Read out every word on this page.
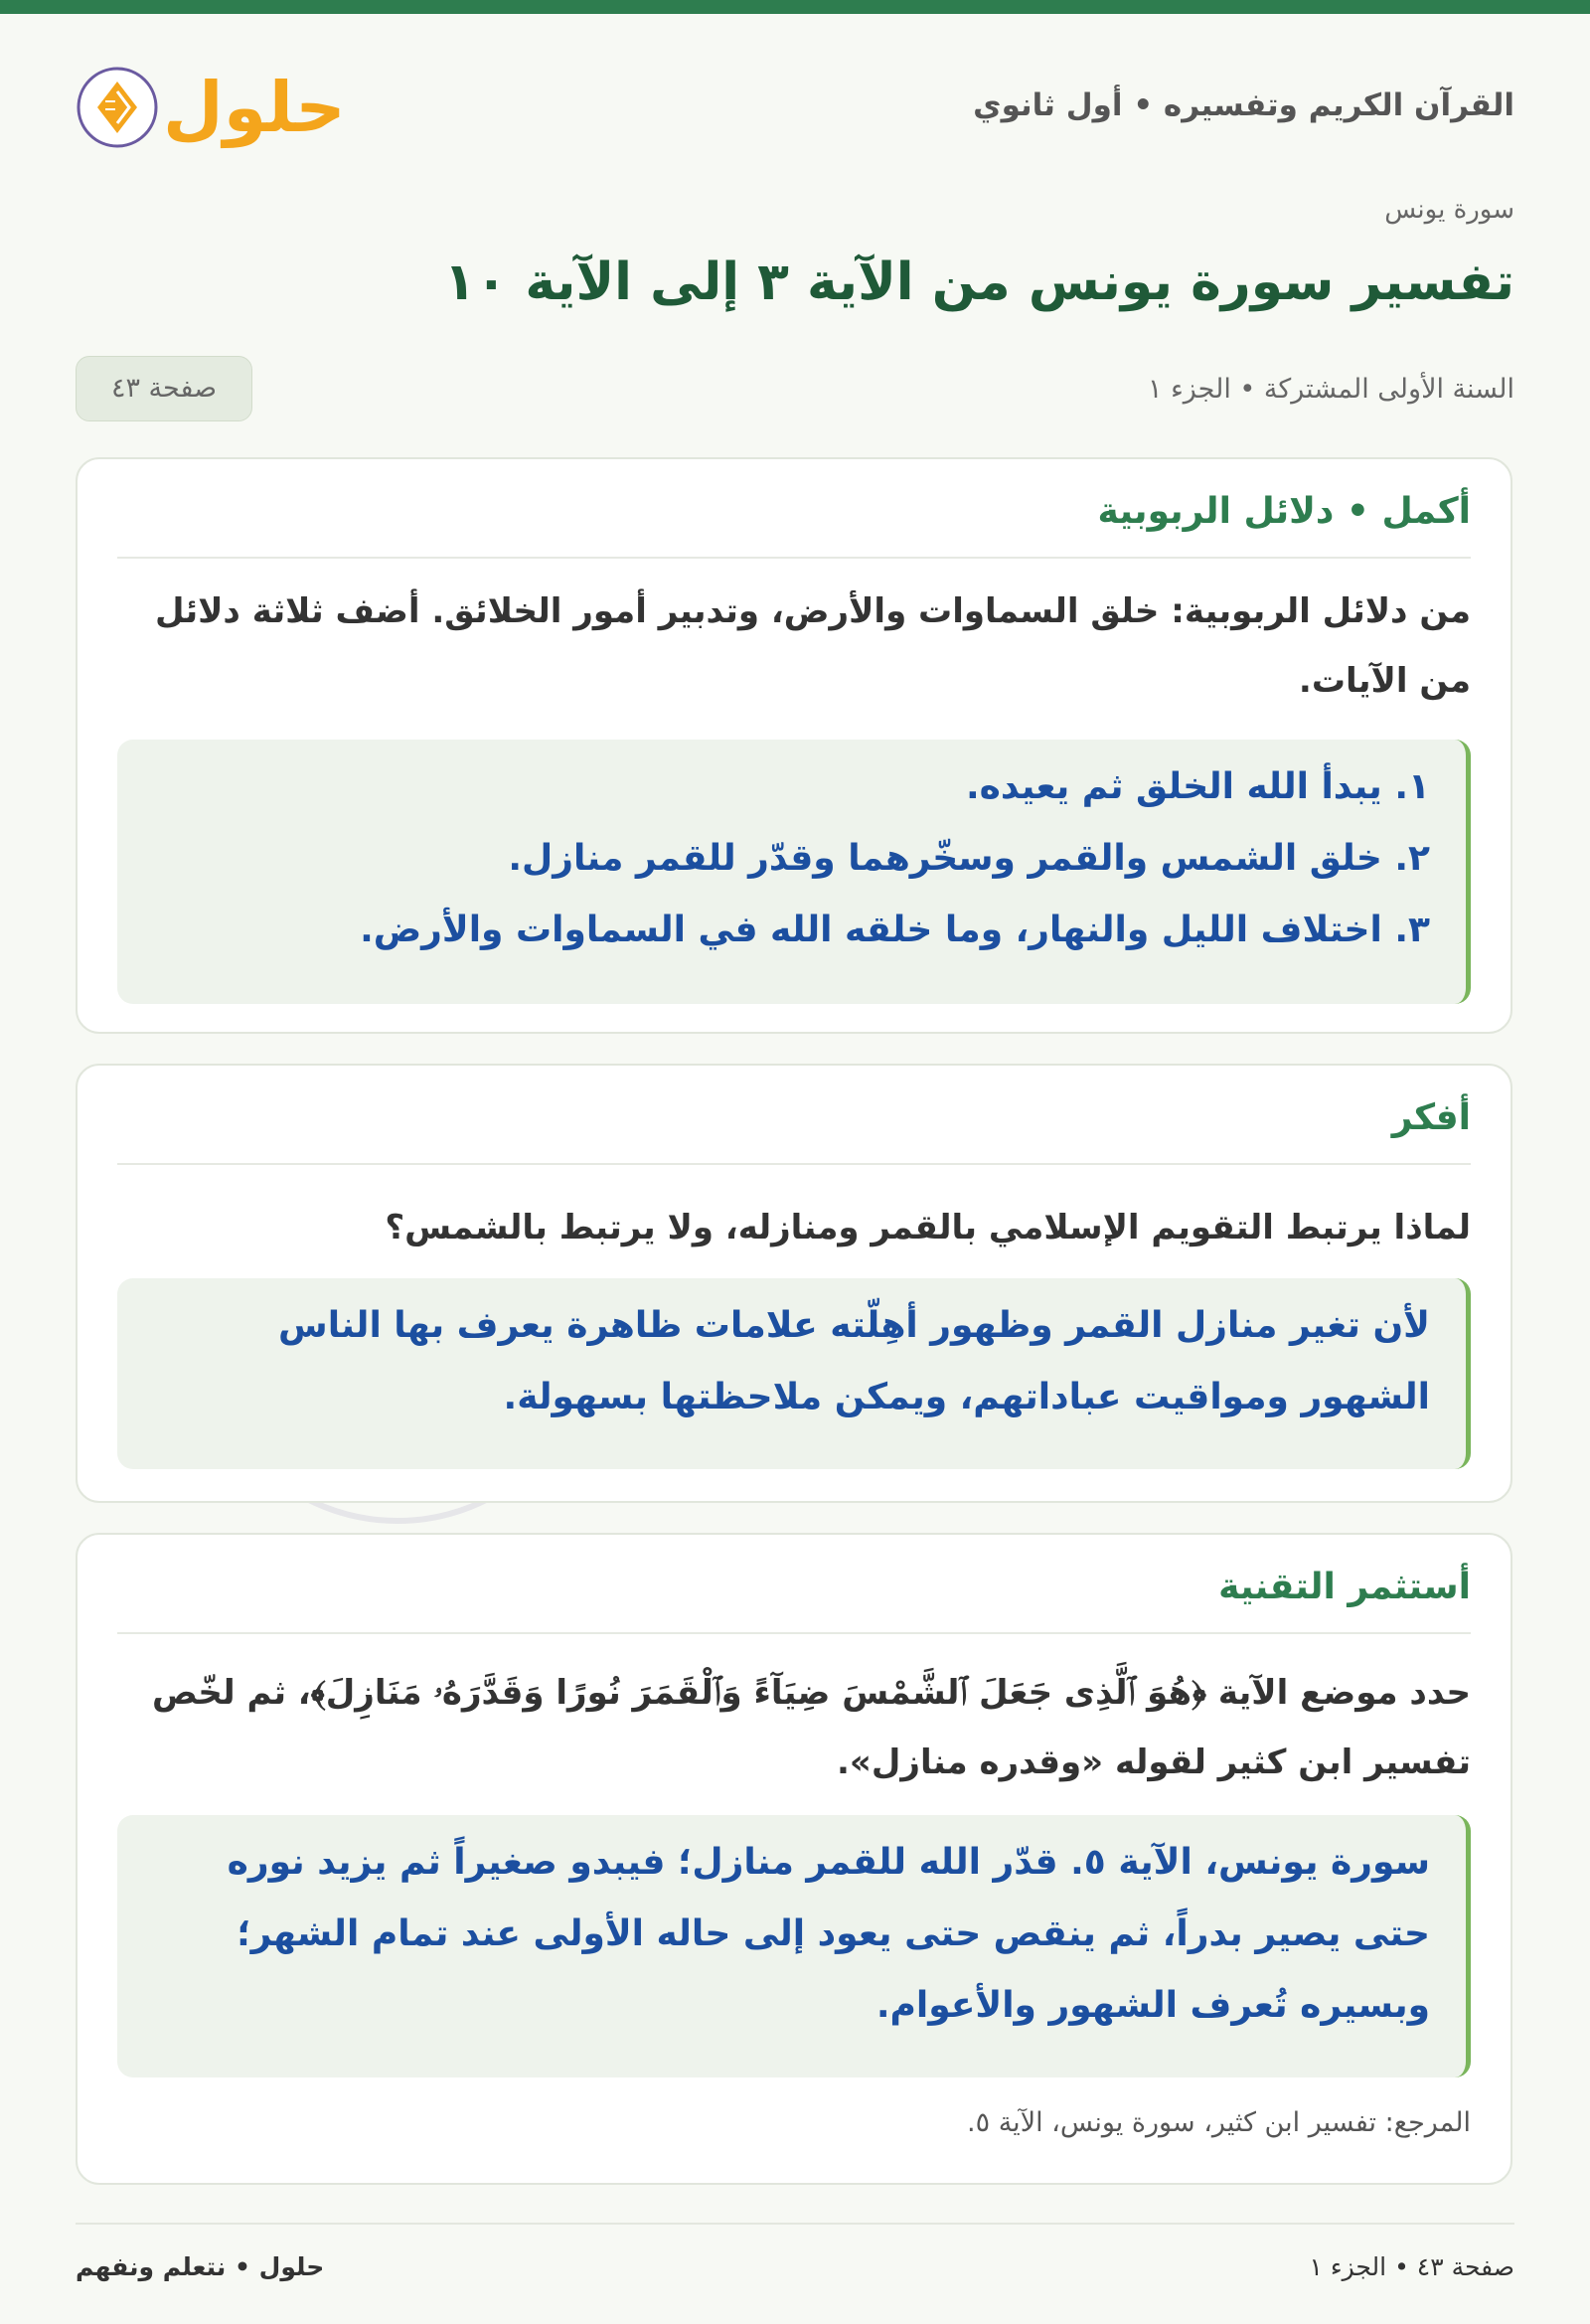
حلول	القرآن الكريم وتفسيره • أول ثانوي
سورة يونس
تفسير سورة يونس من الآية ٣ إلى الآية ١٠
السنة الأولى المشتركة • الجزء ١
صفحة ٤٣
أكمل • دلائل الربوبية

من دلائل الربوبية: خلق السماوات والأرض، وتدبير أمور الخلائق. أضف ثلاثة دلائل من الآيات.

١. يبدأ الله الخلق ثم يعيده.
٢. خلق الشمس والقمر وسخّرهما وقدّر للقمر منازل.
٣. اختلاف الليل والنهار، وما خلقه الله في السماوات والأرض.
أفكر

لماذا يرتبط التقويم الإسلامي بالقمر ومنازله، ولا يرتبط بالشمس؟

لأن تغير منازل القمر وظهور أهِلّته علامات ظاهرة يعرف بها الناس الشهور ومواقيت عباداتهم، ويمكن ملاحظتها بسهولة.

أستثمر التقنية

حدد موضع الآية ﴿هُوَ ٱلَّذِى جَعَلَ ٱلشَّمْسَ ضِيَآءً وَٱلْقَمَرَ نُورًا وَقَدَّرَهُۥ مَنَازِلَ﴾، ثم لخّص تفسير ابن كثير لقوله «وقدره منازل».

سورة يونس، الآية ٥. قدّر الله للقمر منازل؛ فيبدو صغيراً ثم يزيد نوره حتى يصير بدراً، ثم ينقص حتى يعود إلى حاله الأولى عند تمام الشهر؛ وبسيره تُعرف الشهور والأعوام.

المرجع: تفسير ابن كثير، سورة يونس، الآية ٥.
صفحة ٤٣ • الجزء ١
حلول • نتعلم ونفهم
